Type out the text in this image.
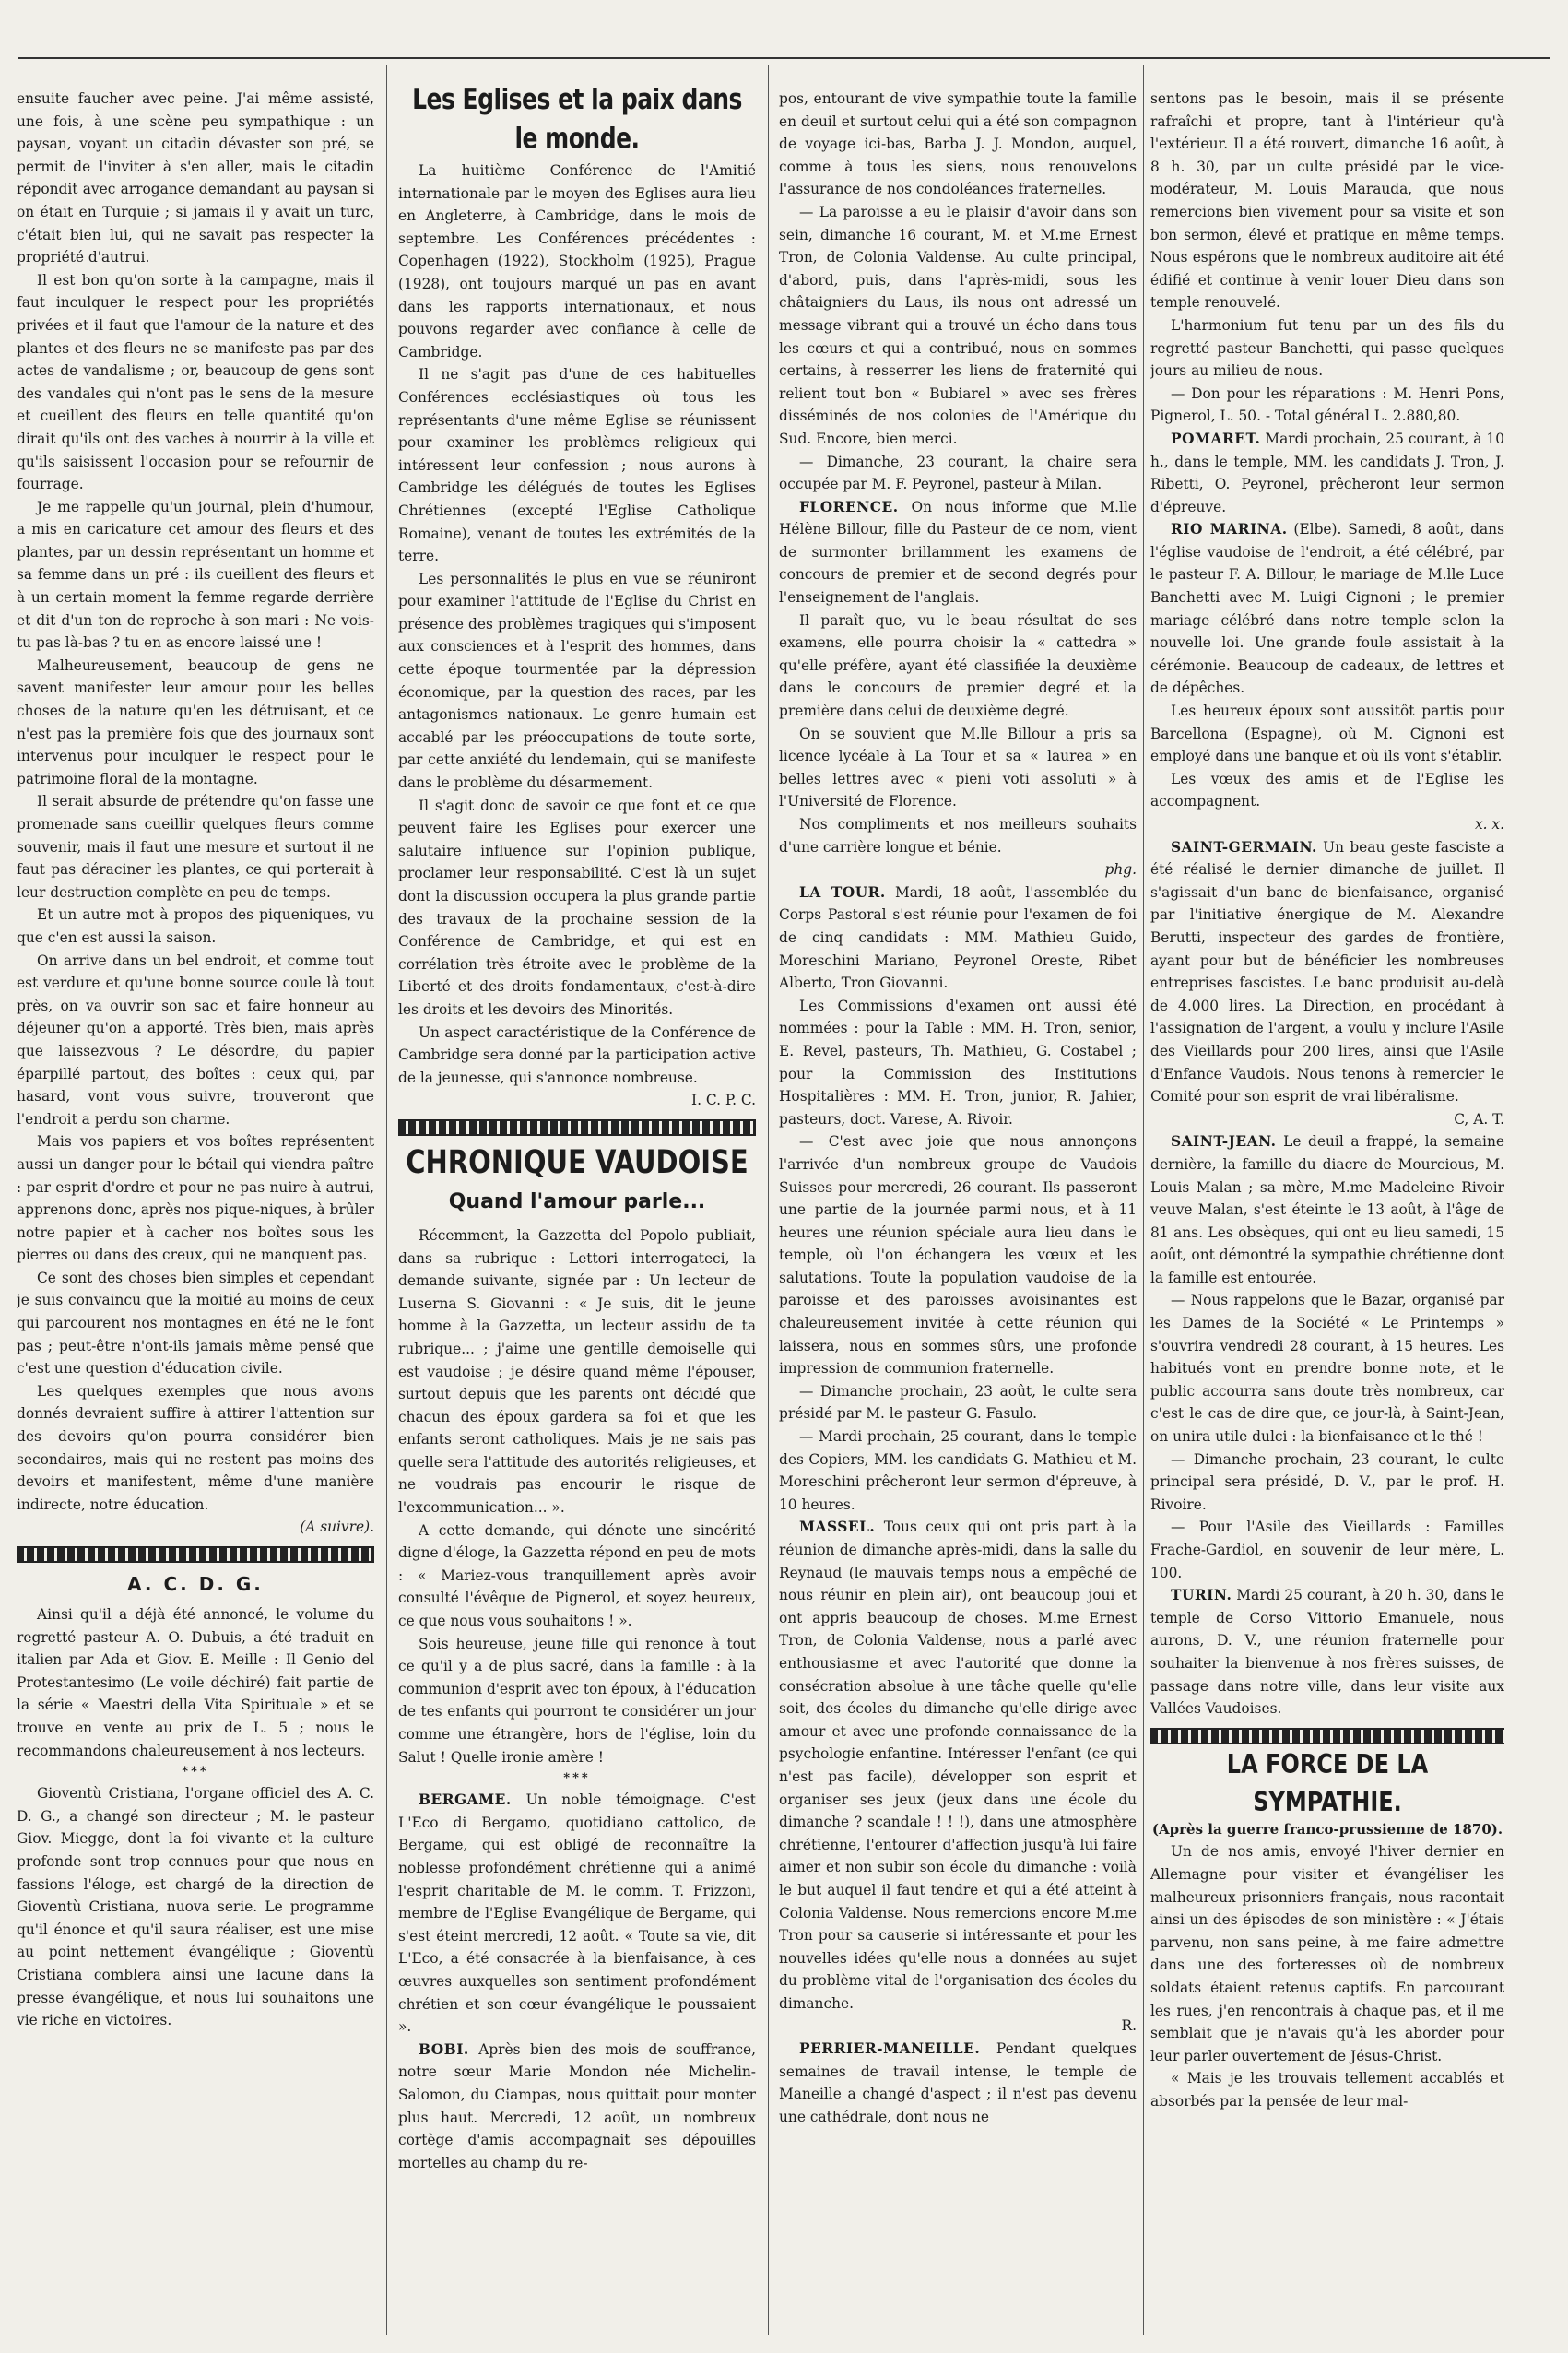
ensuite faucher avec peine. J'ai même assisté, une fois, à une scène peu sympathique : un paysan, voyant un citadin dévaster son pré, se permit de l'inviter à s'en aller, mais le citadin répondit avec arrogance demandant au paysan si on était en Turquie ; si jamais il y avait un turc, c'était bien lui, qui ne savait pas respecter la propriété d'autrui.

Il est bon qu'on sorte à la campagne, mais il faut inculquer le respect pour les propriétés privées et il faut que l'amour de la nature et des plantes et des fleurs ne se manifeste pas par des actes de vandalisme ; or, beaucoup de gens sont des vandales qui n'ont pas le sens de la mesure et cueillent des fleurs en telle quantité qu'on dirait qu'ils ont des vaches à nourrir à la ville et qu'ils saisissent l'occasion pour se refournir de fourrage.

Je me rappelle qu'un journal, plein d'humour, a mis en caricature cet amour des fleurs et des plantes, par un dessin représentant un homme et sa femme dans un pré : ils cueillent des fleurs et à un certain moment la femme regarde derrière et dit d'un ton de reproche à son mari : Ne vois-tu pas là-bas ? tu en as encore laissé une !

Malheureusement, beaucoup de gens ne savent manifester leur amour pour les belles choses de la nature qu'en les détruisant, et ce n'est pas la première fois que des journaux sont intervenus pour inculquer le respect pour le patrimoine floral de la montagne.

Il serait absurde de prétendre qu'on fasse une promenade sans cueillir quelques fleurs comme souvenir, mais il faut une mesure et surtout il ne faut pas déraciner les plantes, ce qui porterait à leur destruction complète en peu de temps.

Et un autre mot à propos des piqueniques, vu que c'en est aussi la saison.

On arrive dans un bel endroit, et comme tout est verdure et qu'une bonne source coule là tout près, on va ouvrir son sac et faire honneur au déjeuner qu'on a apporté. Très bien, mais après que laissezvous ? Le désordre, du papier éparpillé partout, des boîtes : ceux qui, par hasard, vont vous suivre, trouveront que l'endroit a perdu son charme.

Mais vos papiers et vos boîtes représentent aussi un danger pour le bétail qui viendra paître : par esprit d'ordre et pour ne pas nuire à autrui, apprenons donc, après nos pique-niques, à brûler notre papier et à cacher nos boîtes sous les pierres ou dans des creux, qui ne manquent pas.

Ce sont des choses bien simples et cependant je suis convaincu que la moitié au moins de ceux qui parcourent nos montagnes en été ne le font pas ; peut-être n'ont-ils jamais même pensé que c'est une question d'éducation civile.

Les quelques exemples que nous avons donnés devraient suffire à attirer l'attention sur des devoirs qu'on pourra considérer bien secondaires, mais qui ne restent pas moins des devoirs et manifestent, même d'une manière indirecte, notre éducation.

(A suivre).

A. C. D. G.

Ainsi qu'il a déjà été annoncé, le volume du regretté pasteur A. O. Dubuis, a été traduit en italien par Ada et Giov. E. Meille : Il Genio del Protestantesimo (Le voile déchiré) fait partie de la série « Maestri della Vita Spirituale » et se trouve en vente au prix de L. 5 ; nous le recommandons chaleureusement à nos lecteurs.

***

Gioventù Cristiana, l'organe officiel des A. C. D. G., a changé son directeur ; M. le pasteur Giov. Miegge, dont la foi vivante et la culture profonde sont trop connues pour que nous en fassions l'éloge, est chargé de la direction de Gioventù Cristiana, nuova serie. Le programme qu'il énonce et qu'il saura réaliser, est une mise au point nettement évangélique ; Gioventù Cristiana comblera ainsi une lacune dans la presse évangélique, et nous lui souhaitons une vie riche en victoires.

Les Eglises et la paix dans le monde.

La huitième Conférence de l'Amitié internationale par le moyen des Eglises aura lieu en Angleterre, à Cambridge, dans le mois de septembre. Les Conférences précédentes : Copenhagen (1922), Stockholm (1925), Prague (1928), ont toujours marqué un pas en avant dans les rapports internationaux, et nous pouvons regarder avec confiance à celle de Cambridge.

Il ne s'agit pas d'une de ces habituelles Conférences ecclésiastiques où tous les représentants d'une même Eglise se réunissent pour examiner les problèmes religieux qui intéressent leur confession ; nous aurons à Cambridge les délégués de toutes les Eglises Chrétiennes (excepté l'Eglise Catholique Romaine), venant de toutes les extrémités de la terre.

Les personnalités le plus en vue se réuniront pour examiner l'attitude de l'Eglise du Christ en présence des problèmes tragiques qui s'imposent aux consciences et à l'esprit des hommes, dans cette époque tourmentée par la dépression économique, par la question des races, par les antagonismes nationaux. Le genre humain est accablé par les préoccupations de toute sorte, par cette anxiété du lendemain, qui se manifeste dans le problème du désarmement.

Il s'agit donc de savoir ce que font et ce que peuvent faire les Eglises pour exercer une salutaire influence sur l'opinion publique, proclamer leur responsabilité. C'est là un sujet dont la discussion occupera la plus grande partie des travaux de la prochaine session de la Conférence de Cambridge, et qui est en corrélation très étroite avec le problème de la Liberté et des droits fondamentaux, c'est-à-dire les droits et les devoirs des Minorités.

Un aspect caractéristique de la Conférence de Cambridge sera donné par la participation active de la jeunesse, qui s'annonce nombreuse.

I. C. P. C.

CHRONIQUE VAUDOISE
Quand l'amour parle...

Récemment, la Gazzetta del Popolo publiait, dans sa rubrique : Lettori interrogateci, la demande suivante, signée par : Un lecteur de Luserna S. Giovanni : « Je suis, dit le jeune homme à la Gazzetta, un lecteur assidu de ta rubrique... ; j'aime une gentille demoiselle qui est vaudoise ; je désire quand même l'épouser, surtout depuis que les parents ont décidé que chacun des époux gardera sa foi et que les enfants seront catholiques. Mais je ne sais pas quelle sera l'attitude des autorités religieuses, et ne voudrais pas encourir le risque de l'excommunication... ».

A cette demande, qui dénote une sincérité digne d'éloge, la Gazzetta répond en peu de mots : « Mariez-vous tranquillement après avoir consulté l'évêque de Pignerol, et soyez heureux, ce que nous vous souhaitons ! ».

Sois heureuse, jeune fille qui renonce à tout ce qu'il y a de plus sacré, dans la famille : à la communion d'esprit avec ton époux, à l'éducation de tes enfants qui pourront te considérer un jour comme une étrangère, hors de l'église, loin du Salut ! Quelle ironie amère !

***

BERGAME. Un noble témoignage. C'est L'Eco di Bergamo, quotidiano cattolico, de Bergame, qui est obligé de reconnaître la noblesse profondément chrétienne qui a animé l'esprit charitable de M. le comm. T. Frizzoni, membre de l'Eglise Evangélique de Bergame, qui s'est éteint mercredi, 12 août. « Toute sa vie, dit L'Eco, a été consacrée à la bienfaisance, à ces œuvres auxquelles son sentiment profondément chrétien et son cœur évangélique le poussaient ».

BOBI. Après bien des mois de souffrance, notre sœur Marie Mondon née Michelin-Salomon, du Ciampas, nous quittait pour monter plus haut. Mercredi, 12 août, un nombreux cortège d'amis accompagnait ses dépouilles mortelles au champ du re-

pos, entourant de vive sympathie toute la famille en deuil et surtout celui qui a été son compagnon de voyage ici-bas, Barba J. J. Mondon, auquel, comme à tous les siens, nous renouvelons l'assurance de nos condoléances fraternelles.

— La paroisse a eu le plaisir d'avoir dans son sein, dimanche 16 courant, M. et M.me Ernest Tron, de Colonia Valdense. Au culte principal, d'abord, puis, dans l'après-midi, sous les châtaigniers du Laus, ils nous ont adressé un message vibrant qui a trouvé un écho dans tous les cœurs et qui a contribué, nous en sommes certains, à resserrer les liens de fraternité qui relient tout bon « Bubiarel » avec ses frères disséminés de nos colonies de l'Amérique du Sud. Encore, bien merci.

— Dimanche, 23 courant, la chaire sera occupée par M. F. Peyronel, pasteur à Milan.

FLORENCE. On nous informe que M.lle Hélène Billour, fille du Pasteur de ce nom, vient de surmonter brillamment les examens de concours de premier et de second degrés pour l'enseignement de l'anglais.

Il paraît que, vu le beau résultat de ses examens, elle pourra choisir la « cattedra » qu'elle préfère, ayant été classifiée la deuxième dans le concours de premier degré et la première dans celui de deuxième degré.

On se souvient que M.lle Billour a pris sa licence lycéale à La Tour et sa « laurea » en belles lettres avec « pieni voti assoluti » à l'Université de Florence.

Nos compliments et nos meilleurs souhaits d'une carrière longue et bénie.

phg.

LA TOUR. Mardi, 18 août, l'assemblée du Corps Pastoral s'est réunie pour l'examen de foi de cinq candidats : MM. Mathieu Guido, Moreschini Mariano, Peyronel Oreste, Ribet Alberto, Tron Giovanni.

Les Commissions d'examen ont aussi été nommées : pour la Table : MM. H. Tron, senior, E. Revel, pasteurs, Th. Mathieu, G. Costabel ; pour la Commission des Institutions Hospitalières : MM. H. Tron, junior, R. Jahier, pasteurs, doct. Varese, A. Rivoir.

— C'est avec joie que nous annonçons l'arrivée d'un nombreux groupe de Vaudois Suisses pour mercredi, 26 courant. Ils passeront une partie de la journée parmi nous, et à 11 heures une réunion spéciale aura lieu dans le temple, où l'on échangera les vœux et les salutations. Toute la population vaudoise de la paroisse et des paroisses avoisinantes est chaleureusement invitée à cette réunion qui laissera, nous en sommes sûrs, une profonde impression de communion fraternelle.

— Dimanche prochain, 23 août, le culte sera présidé par M. le pasteur G. Fasulo.

— Mardi prochain, 25 courant, dans le temple des Copiers, MM. les candidats G. Mathieu et M. Moreschini prêcheront leur sermon d'épreuve, à 10 heures.

MASSEL. Tous ceux qui ont pris part à la réunion de dimanche après-midi, dans la salle du Reynaud (le mauvais temps nous a empêché de nous réunir en plein air), ont beaucoup joui et ont appris beaucoup de choses. M.me Ernest Tron, de Colonia Valdense, nous a parlé avec enthousiasme et avec l'autorité que donne la consécration absolue à une tâche quelle qu'elle soit, des écoles du dimanche qu'elle dirige avec amour et avec une profonde connaissance de la psychologie enfantine. Intéresser l'enfant (ce qui n'est pas facile), développer son esprit et organiser ses jeux (jeux dans une école du dimanche ? scandale ! ! !), dans une atmosphère chrétienne, l'entourer d'affection jusqu'à lui faire aimer et non subir son école du dimanche : voilà le but auquel il faut tendre et qui a été atteint à Colonia Valdense. Nous remercions encore M.me Tron pour sa causerie si intéressante et pour les nouvelles idées qu'elle nous a données au sujet du problème vital de l'organisation des écoles du dimanche.

R.

PERRIER-MANEILLE. Pendant quelques semaines de travail intense, le temple de Maneille a changé d'aspect ; il n'est pas devenu une cathédrale, dont nous ne

sentons pas le besoin, mais il se présente rafraîchi et propre, tant à l'intérieur qu'à l'extérieur. Il a été rouvert, dimanche 16 août, à 8 h. 30, par un culte présidé par le vice-modérateur, M. Louis Marauda, que nous remercions bien vivement pour sa visite et son bon sermon, élevé et pratique en même temps. Nous espérons que le nombreux auditoire ait été édifié et continue à venir louer Dieu dans son temple renouvelé.

L'harmonium fut tenu par un des fils du regretté pasteur Banchetti, qui passe quelques jours au milieu de nous.

— Don pour les réparations : M. Henri Pons, Pignerol, L. 50. - Total général L. 2.880,80.

POMARET. Mardi prochain, 25 courant, à 10 h., dans le temple, MM. les candidats J. Tron, J. Ribetti, O. Peyronel, prêcheront leur sermon d'épreuve.

RIO MARINA. (Elbe). Samedi, 8 août, dans l'église vaudoise de l'endroit, a été célébré, par le pasteur F. A. Billour, le mariage de M.lle Luce Banchetti avec M. Luigi Cignoni ; le premier mariage célébré dans notre temple selon la nouvelle loi. Une grande foule assistait à la cérémonie. Beaucoup de cadeaux, de lettres et de dépêches.

Les heureux époux sont aussitôt partis pour Barcellona (Espagne), où M. Cignoni est employé dans une banque et où ils vont s'établir.

Les vœux des amis et de l'Eglise les accompagnent.

x. x.

SAINT-GERMAIN. Un beau geste fasciste a été réalisé le dernier dimanche de juillet. Il s'agissait d'un banc de bienfaisance, organisé par l'initiative énergique de M. Alexandre Berutti, inspecteur des gardes de frontière, ayant pour but de bénéficier les nombreuses entreprises fascistes. Le banc produisit au-delà de 4.000 lires. La Direction, en procédant à l'assignation de l'argent, a voulu y inclure l'Asile des Vieillards pour 200 lires, ainsi que l'Asile d'Enfance Vaudois. Nous tenons à remercier le Comité pour son esprit de vrai libéralisme.

C, A. T.

SAINT-JEAN. Le deuil a frappé, la semaine dernière, la famille du diacre de Mourcious, M. Louis Malan ; sa mère, M.me Madeleine Rivoir veuve Malan, s'est éteinte le 13 août, à l'âge de 81 ans. Les obsèques, qui ont eu lieu samedi, 15 août, ont démontré la sympathie chrétienne dont la famille est entourée.

— Nous rappelons que le Bazar, organisé par les Dames de la Société « Le Printemps » s'ouvrira vendredi 28 courant, à 15 heures. Les habitués vont en prendre bonne note, et le public accourra sans doute très nombreux, car c'est le cas de dire que, ce jour-là, à Saint-Jean, on unira utile dulci : la bienfaisance et le thé !

— Dimanche prochain, 23 courant, le culte principal sera présidé, D. V., par le prof. H. Rivoire.

— Pour l'Asile des Vieillards : Familles Frache-Gardiol, en souvenir de leur mère, L. 100.

TURIN. Mardi 25 courant, à 20 h. 30, dans le temple de Corso Vittorio Emanuele, nous aurons, D. V., une réunion fraternelle pour souhaiter la bienvenue à nos frères suisses, de passage dans notre ville, dans leur visite aux Vallées Vaudoises.

LA FORCE DE LA SYMPATHIE.

(Après la guerre franco-prussienne de 1870).

Un de nos amis, envoyé l'hiver dernier en Allemagne pour visiter et évangéliser les malheureux prisonniers français, nous racontait ainsi un des épisodes de son ministère : « J'étais parvenu, non sans peine, à me faire admettre dans une des forteresses où de nombreux soldats étaient retenus captifs. En parcourant les rues, j'en rencontrais à chaque pas, et il me semblait que je n'avais qu'à les aborder pour leur parler ouvertement de Jésus-Christ.

« Mais je les trouvais tellement accablés et absorbés par la pensée de leur mal-
